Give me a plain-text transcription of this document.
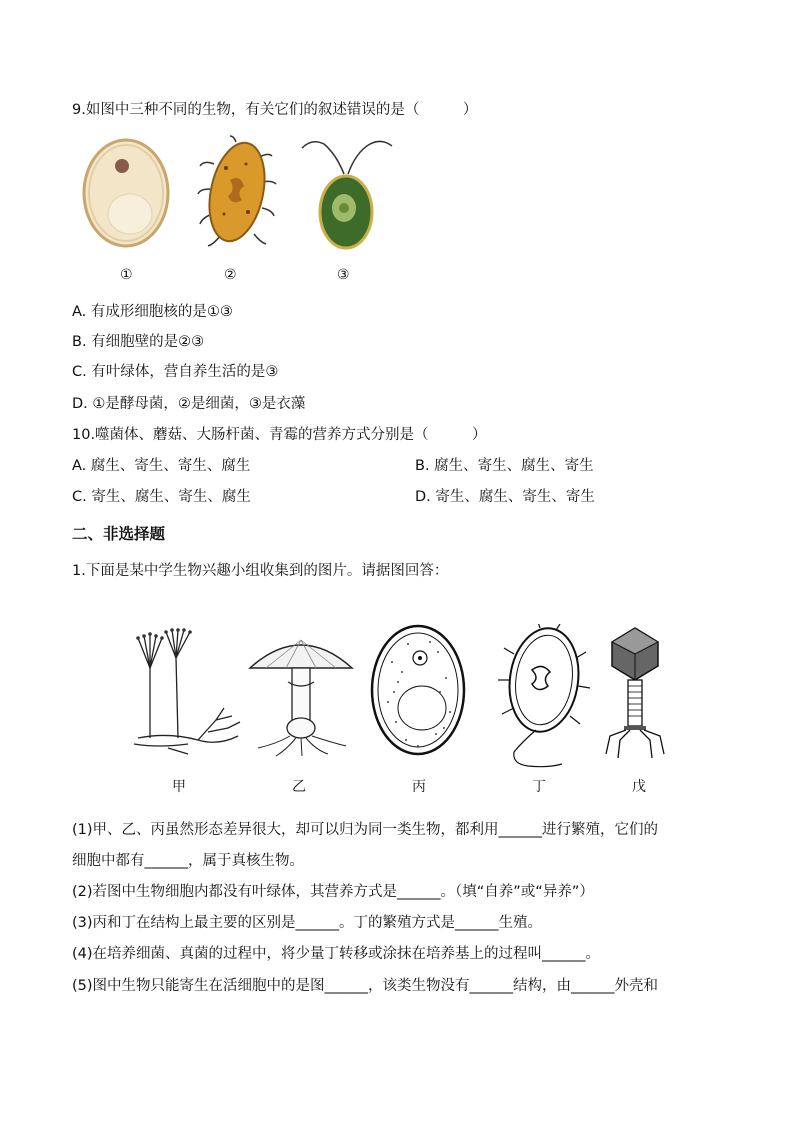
9.如图中三种不同的生物，有关它们的叙述错误的是（　　　）
①	②	③
A. 有成形细胞核的是①③
B. 有细胞壁的是②③
C. 有叶绿体，营自养生活的是③
D. ①是酵母菌，②是细菌，③是衣藻
10.噬菌体、蘑菇、大肠杆菌、青霉的营养方式分别是（　　　）
A. 腐生、寄生、寄生、腐生	B. 腐生、寄生、腐生、寄生
C. 寄生、腐生、寄生、腐生	D. 寄生、腐生、寄生、寄生
二、非选择题
1.下面是某中学生物兴趣小组收集到的图片。请据图回答：
甲	乙	丙	丁	戊
(1)甲、乙、丙虽然形态差异很大，却可以归为同一类生物，都利用______进行繁殖，它们的
细胞中都有______，属于真核生物。
(2)若图中生物细胞内都没有叶绿体，其营养方式是______。（填“自养”或“异养”）
(3)丙和丁在结构上最主要的区别是______。丁的繁殖方式是______生殖。
(4)在培养细菌、真菌的过程中，将少量丁转移或涂抹在培养基上的过程叫______。
(5)图中生物只能寄生在活细胞中的是图______，该类生物没有______结构，由______外壳和
